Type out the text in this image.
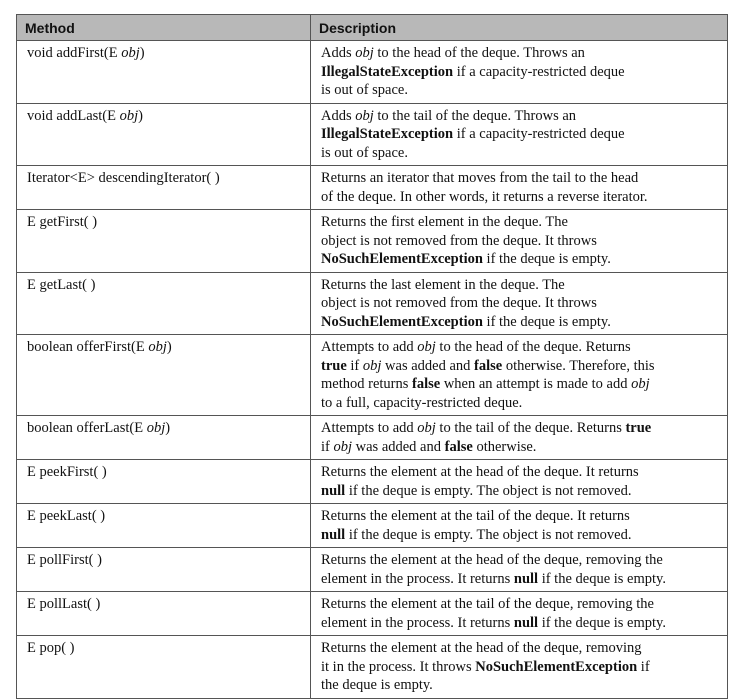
Method	Description
void addFirst(E obj)	Adds obj to the head of the deque. Throws an
IllegalStateException if a capacity-restricted deque
is out of space.

void addLast(E obj)	Adds obj to the tail of the deque. Throws an
IllegalStateException if a capacity-restricted deque
is out of space.

Iterator<E> descendingIterator( )	Returns an iterator that moves from the tail to the head
of the deque. In other words, it returns a reverse iterator.

E getFirst( )	Returns the first element in the deque. The
object is not removed from the deque. It throws
NoSuchElementException if the deque is empty.

E getLast( )	Returns the last element in the deque. The
object is not removed from the deque. It throws
NoSuchElementException if the deque is empty.

boolean offerFirst(E obj)	Attempts to add obj to the head of the deque. Returns
true if obj was added and false otherwise. Therefore, this
method returns false when an attempt is made to add obj
to a full, capacity-restricted deque.

boolean offerLast(E obj)	Attempts to add obj to the tail of the deque. Returns true
if obj was added and false otherwise.

E peekFirst( )	Returns the element at the head of the deque. It returns
null if the deque is empty. The object is not removed.

E peekLast( )	Returns the element at the tail of the deque. It returns
null if the deque is empty. The object is not removed.

E pollFirst( )	Returns the element at the head of the deque, removing the
element in the process. It returns null if the deque is empty.

E pollLast( )	Returns the element at the tail of the deque, removing the
element in the process. It returns null if the deque is empty.

E pop( )	Returns the element at the head of the deque, removing
it in the process. It throws NoSuchElementException if
the deque is empty.
